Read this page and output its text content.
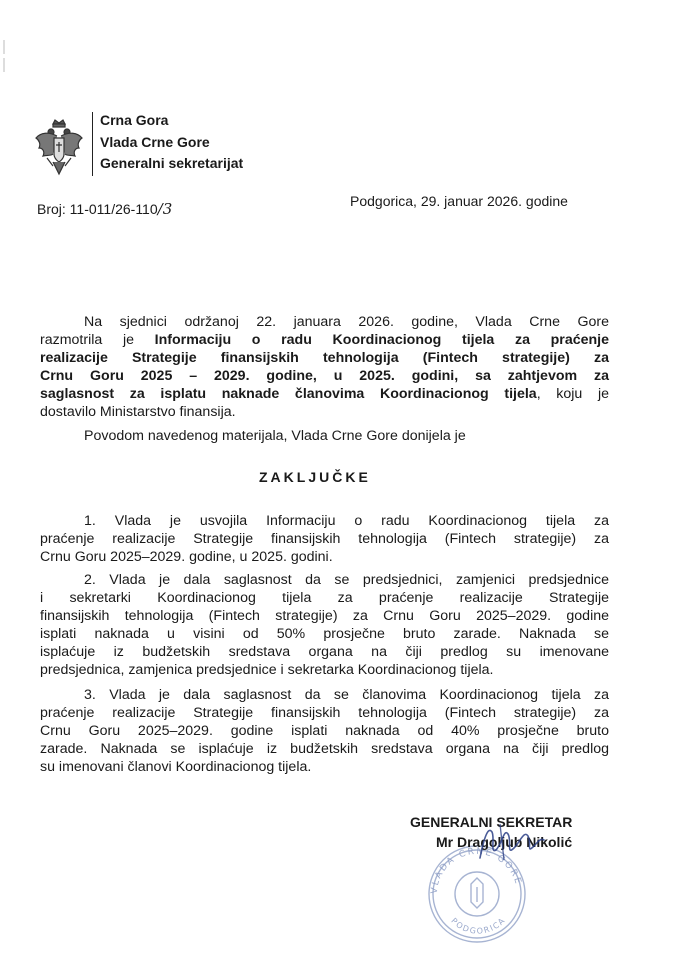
Crna Gora
Vlada Crne Gore
Generalni sekretarijat
Broj: 11-011/26-110/3	Podgorica, 29. januar 2026. godine
Na sjednici održanoj 22. januara 2026. godine, Vlada Crne Gore
razmotrila je Informaciju o radu Koordinacionog tijela za praćenje
realizacije Strategije finansijskih tehnologija (Fintech strategije) za
Crnu Goru 2025 – 2029. godine, u 2025. godini, sa zahtjevom za
saglasnost za isplatu naknade članovima Koordinacionog tijela, koju je
dostavilo Ministarstvo finansija.
Povodom navedenog materijala, Vlada Crne Gore donijela je
ZAKLJUČKE
1. Vlada je usvojila Informaciju o radu Koordinacionog tijela za
praćenje realizacije Strategije finansijskih tehnologija (Fintech strategije) za
Crnu Goru 2025–2029. godine, u 2025. godini.
2. Vlada je dala saglasnost da se predsjednici, zamjenici predsjednice
i sekretarki Koordinacionog tijela za praćenje realizacije Strategije
finansijskih tehnologija (Fintech strategije) za Crnu Goru 2025–2029. godine
isplati naknada u visini od 50% prosječne bruto zarade. Naknada se
isplaćuje iz budžetskih sredstava organa na čiji predlog su imenovane
predsjednica, zamjenica predsjednice i sekretarka Koordinacionog tijela.
3. Vlada je dala saglasnost da se članovima Koordinacionog tijela za
praćenje realizacije Strategije finansijskih tehnologija (Fintech strategije) za
Crnu Goru 2025–2029. godine isplati naknada od 40% prosječne bruto
zarade. Naknada se isplaćuje iz budžetskih sredstava organa na čiji predlog
su imenovani članovi Koordinacionog tijela.
VLADA CRNE GORE
PODGORICA
GENERALNI SEKRETAR
Mr Dragoljub Nikolić
